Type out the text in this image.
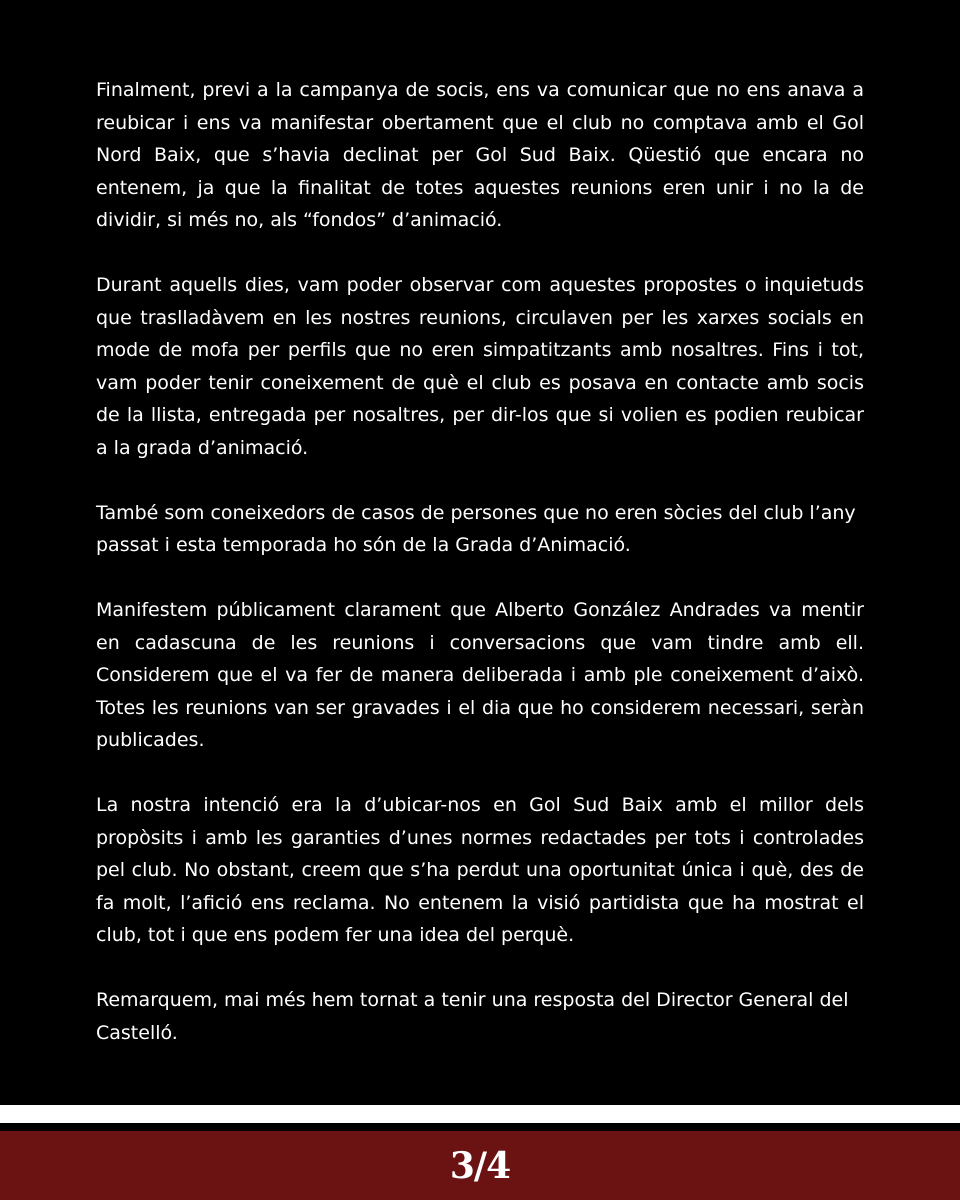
Finalment, previ a la campanya de socis, ens va comunicar que no ens anava a reubicar i ens va manifestar obertament que el club no comptava amb el Gol Nord Baix, que s’havia declinat per Gol Sud Baix. Qüestió que encara no entenem, ja que la finalitat de totes aquestes reunions eren unir i no la de dividir, si més no, als “fondos” d’animació.

Durant aquells dies, vam poder observar com aquestes propostes o inquietuds que traslladàvem en les nostres reunions, circulaven per les xarxes socials en mode de mofa per perfils que no eren simpatitzants amb nosaltres. Fins i tot, vam poder tenir coneixement de què el club es posava en contacte amb socis de la llista, entregada per nosaltres, per dir-los que si volien es podien reubicar a la grada d’animació.

També som coneixedors de casos de persones que no eren sòcies del club l’any passat i esta temporada ho són de la Grada d’Animació.

Manifestem públicament clarament que Alberto González Andrades va mentir en cadascuna de les reunions i conversacions que vam tindre amb ell. Considerem que el va fer de manera deliberada i amb ple coneixement d’això. Totes les reunions van ser gravades i el dia que ho considerem necessari, seràn publicades.

La nostra intenció era la d’ubicar-nos en Gol Sud Baix amb el millor dels propòsits i amb les garanties d’unes normes redactades per tots i controlades pel club. No obstant, creem que s’ha perdut una oportunitat única i què, des de fa molt, l’afició ens reclama. No entenem la visió partidista que ha mostrat el club, tot i que ens podem fer una idea del perquè.

Remarquem, mai més hem tornat a tenir una resposta del Director General del Castelló.

3/4
